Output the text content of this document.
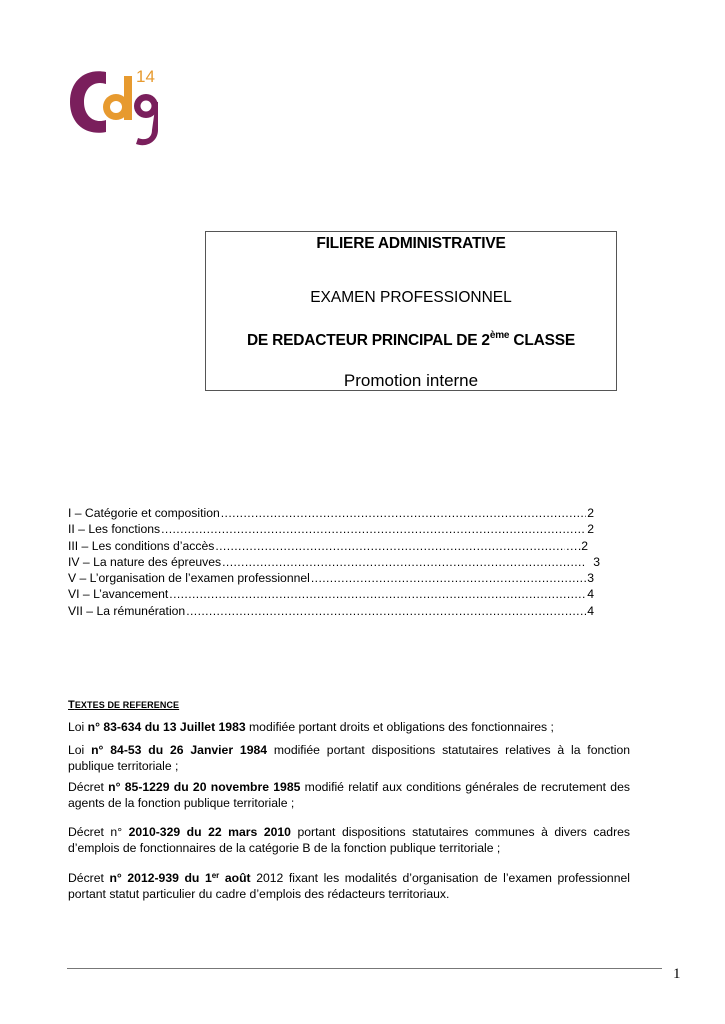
14
FILIERE ADMINISTRATIVE
EXAMEN PROFESSIONNEL
DE REDACTEUR PRINCIPAL DE 2ème CLASSE
Promotion interne
I – Catégorie et composition .....	2
II – Les fonctions .....	2
III – Les conditions d’accès .....	….2
IV – La nature des épreuves .....	3
V – L’organisation de l’examen professionnel .....	3
VI – L’avancement .....	4
VII – La rémunération .....	4
TEXTES DE REFERENCE
Loi n° 83-634 du 13 Juillet 1983 modifiée portant droits et obligations des fonctionnaires ;
Loi n° 84-53 du 26 Janvier 1984 modifiée portant dispositions statutaires relatives à la fonction publique territoriale ;
Décret n° 85-1229 du 20 novembre 1985 modifié relatif aux conditions générales de recrutement des agents de la fonction publique territoriale ;
Décret n° 2010-329 du 22 mars 2010 portant dispositions statutaires communes à divers cadres d’emplois de fonctionnaires de la catégorie B de la fonction publique territoriale ;
Décret n° 2012-939 du 1er août 2012 fixant les modalités d’organisation de l’examen professionnel portant statut particulier du cadre d’emplois des rédacteurs territoriaux.
1
